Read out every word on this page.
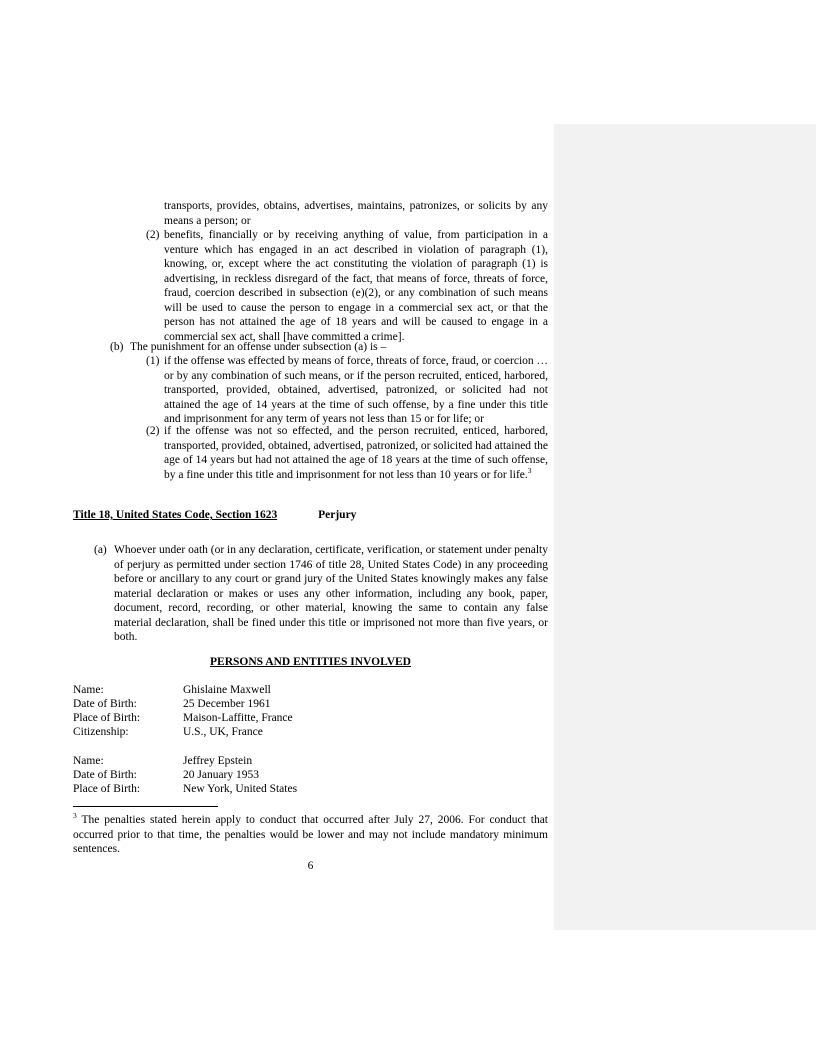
transports, provides, obtains, advertises, maintains, patronizes, or solicits by any means a person; or
(2) benefits, financially or by receiving anything of value, from participation in a venture which has engaged in an act described in violation of paragraph (1), knowing, or, except where the act constituting the violation of paragraph (1) is advertising, in reckless disregard of the fact, that means of force, threats of force, fraud, coercion described in subsection (e)(2), or any combination of such means will be used to cause the person to engage in a commercial sex act, or that the person has not attained the age of 18 years and will be caused to engage in a commercial sex act, shall [have committed a crime].
(b) The punishment for an offense under subsection (a) is –
(1) if the offense was effected by means of force, threats of force, fraud, or coercion …or by any combination of such means, or if the person recruited, enticed, harbored, transported, provided, obtained, advertised, patronized, or solicited had not attained the age of 14 years at the time of such offense, by a fine under this title and imprisonment for any term of years not less than 15 or for life; or
(2) if the offense was not so effected, and the person recruited, enticed, harbored, transported, provided, obtained, advertised, patronized, or solicited had attained the age of 14 years but had not attained the age of 18 years at the time of such offense, by a fine under this title and imprisonment for not less than 10 years or for life.$^3$
Title 18, United States Code, Section 1623	Perjury
(a) Whoever under oath (or in any declaration, certificate, verification, or statement under penalty of perjury as permitted under section 1746 of title 28, United States Code) in any proceeding before or ancillary to any court or grand jury of the United States knowingly makes any false material declaration or makes or uses any other information, including any book, paper, document, record, recording, or other material, knowing the same to contain any false material declaration, shall be fined under this title or imprisoned not more than five years, or both.
PERSONS AND ENTITIES INVOLVED
Name:	Ghislaine Maxwell
Date of Birth:	25 December 1961
Place of Birth:	Maison-Laffitte, France
Citizenship:	U.S., UK, France
Name:	Jeffrey Epstein
Date of Birth:	20 January 1953
Place of Birth:	New York, United States
$^3$ The penalties stated herein apply to conduct that occurred after July 27, 2006. For conduct that occurred prior to that time, the penalties would be lower and may not include mandatory minimum sentences.
6
